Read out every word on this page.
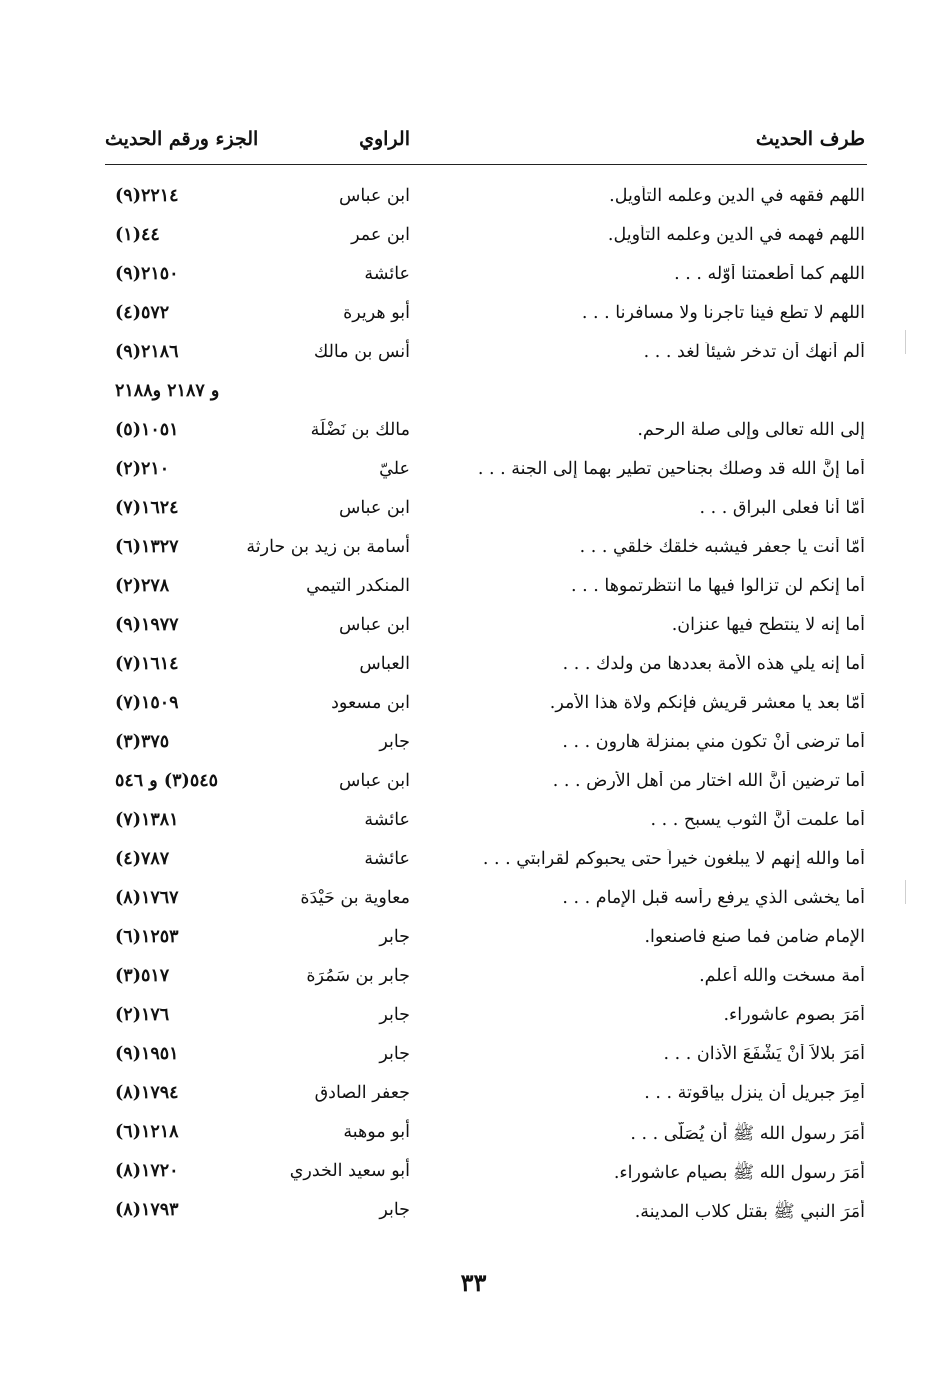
طرف الحديث
الراوي
الجزء ورقم الحديث
اللهم فقهه في الدين وعلمه التأويل.
ابن عباس
٢٢١٤(٩)
اللهم فهمه في الدين وعلمه التأويل.
ابن عمر
٤٤(١)
اللهم كما أطعمتنا أوّله . . .
عائشة
٢١٥٠(٩)
اللهم لا تطع فينا تاجرنا ولا مسافرنا . . .
أبو هريرة
٥٧٢(٤)
ألم أنهك أن تدخر شيئاً لغد . . .
أنس بن مالك
٢١٨٦(٩)
و ٢١٨٧ و٢١٨٨
إلى الله تعالى وإلى صلة الرحم.
مالك بن نَضْلَة
١٠٥١(٥)
أما إنَّ الله قد وصلك بجناحين تطير بهما إلى الجنة . . .
عليّ
٢١٠(٢)
أمّا أنا فعلى البراق . . .
ابن عباس
١٦٢٤(٧)
أمّا أنت يا جعفر فيشبه خلقك خلقي . . .
أسامة بن زيد بن حارثة
١٣٢٧(٦)
أما إنكم لن تزالوا فيها ما انتظرتموها . . .
المنكدر التيمي
٢٧٨(٢)
أما إنه لا ينتطح فيها عنزان.
ابن عباس
١٩٧٧(٩)
أما إنه يلي هذه الأمة بعددها من ولدك . . .
العباس
١٦١٤(٧)
أمّا بعد يا معشر قريش فإنكم ولاة هذا الأمر.
ابن مسعود
١٥٠٩(٧)
أما ترضى أنْ تكون مني بمنزلة هارون . . .
جابر
٣٧٥(٣)
أما ترضين أنَّ الله اختار من أهل الأرض . . .
ابن عباس
٥٤٥(٣) و ٥٤٦
أما علمت أنَّ الثوب يسبح . . .
عائشة
١٣٨١(٧)
أما والله إنهم لا يبلغون خيراً حتى يحبوكم لقرابتي . . .
عائشة
٧٨٧(٤)
أما يخشى الذي يرفع رأسه قبل الإمام . . .
معاوية بن حَيْدَة
١٧٦٧(٨)
الإمام ضامن فما صنع فاصنعوا.
جابر
١٢٥٣(٦)
أمة مسخت والله أعلم.
جابر بن سَمُرَة
٥١٧(٣)
أَمَرَ بصوم عاشوراء.
جابر
١٧٦(٢)
أَمَرَ بلالاً أنْ يَشْفَعَ الأذان . . .
جابر
١٩٥١(٩)
أُمِرَ جبريل أن ينزل بياقوتة . . .
جعفر الصادق
١٧٩٤(٨)
أَمَرَ رسول الله ﷺ أن يُصَلَّى . . .
أبو موهبة
١٢١٨(٦)
أَمَرَ رسول الله ﷺ بصيام عاشوراء.
أبو سعيد الخدري
١٧٢٠(٨)
أَمَرَ النبي ﷺ بقتل كلاب المدينة.
جابر
١٧٩٣(٨)
٣٣
